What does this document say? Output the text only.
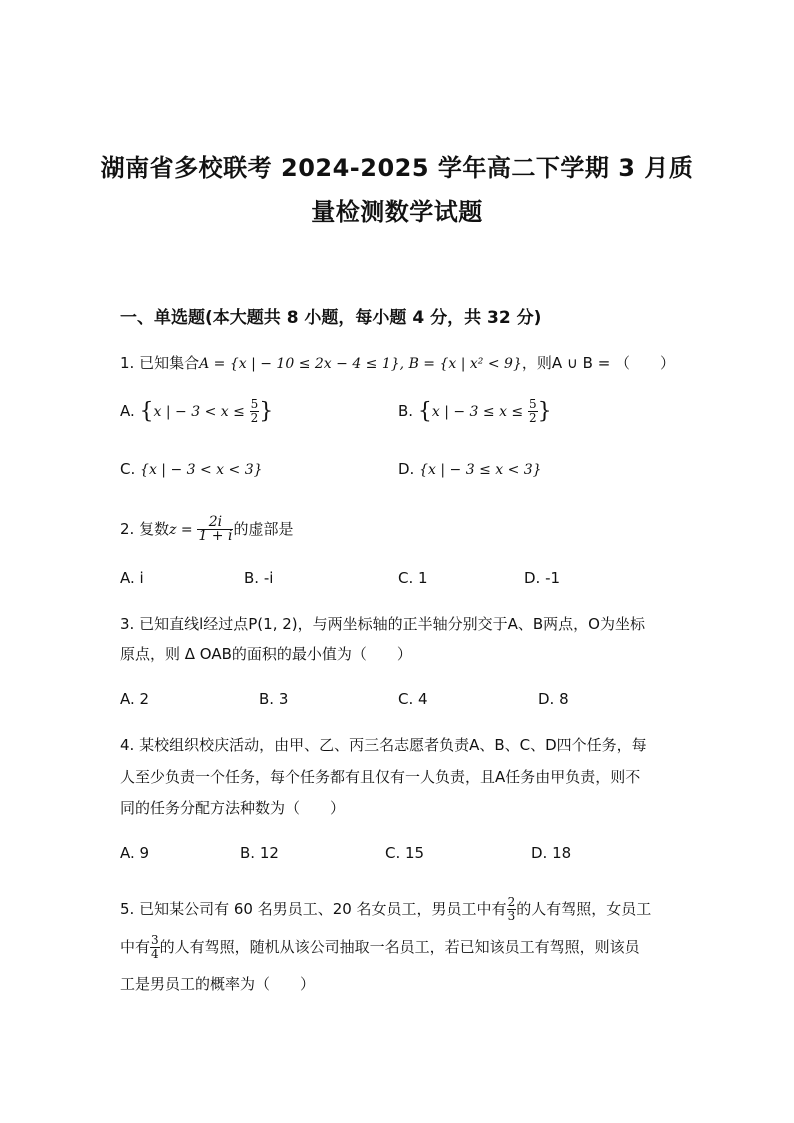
湖南省多校联考 2024-2025 学年高二下学期 3 月质
量检测数学试题
一、单选题(本大题共 8 小题，每小题 4 分，共 32 分)
1. 已知集合A = {x | − 10 ≤ 2x − 4 ≤ 1}, B = {x | x² < 9}，则A ∪ B = （　　）
A. {x | − $3 < x \le \frac{5}{2}$ }	B. {x | − $3 \le x \le \frac{5}{2}$ }
C. {x | − 3 < x < 3}	D. {x | − 3 ≤ x < 3}
2. 复数$z = \frac{2i}{1 + i}$ 的虚部是
A. i	B. -i	C. 1	D. -1
3. 已知直线l经过点P(1, 2)，与两坐标轴的正半轴分别交于A、B两点，O为坐标
原点，则 Δ OAB的面积的最小值为（　　）
A. 2	B. 3	C. 4	D. 8
4. 某校组织校庆活动，由甲、乙、丙三名志愿者负责A、B、C、D四个任务，每
人至少负责一个任务，每个任务都有且仅有一人负责，且A任务由甲负责，则不
同的任务分配方法种数为（　　）
A. 9	B. 12	C. 15	D. 18
5. 已知某公司有 60 名男员工、20 名女员工，男员工中有 $\frac{2}{3}$ 的人有驾照，女员工
中有 $\frac{3}{4}$ 的人有驾照，随机从该公司抽取一名员工，若已知该员工有驾照，则该员
工是男员工的概率为（　　）
